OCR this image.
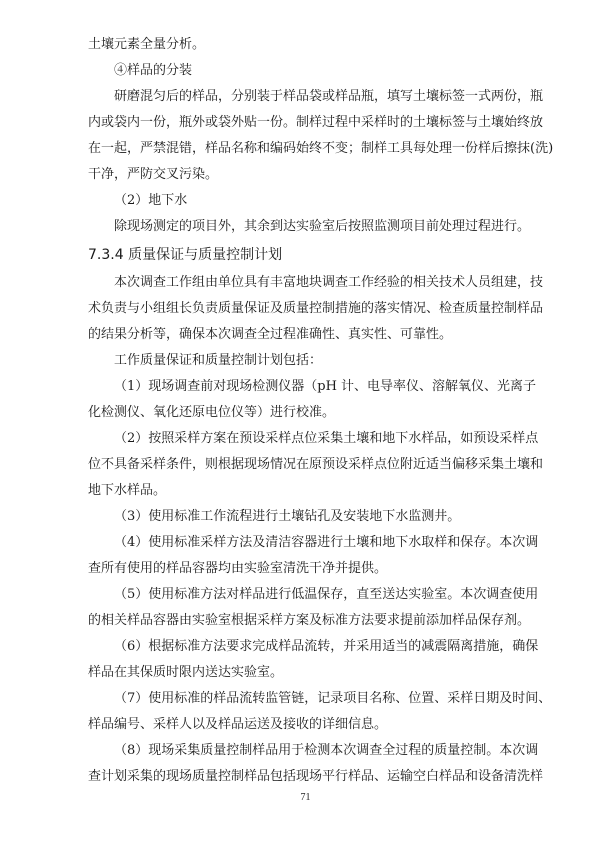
土壤元素全量分析。
④样品的分装
研磨混匀后的样品，分别装于样品袋或样品瓶，填写土壤标签一式两份，瓶
内或袋内一份，瓶外或袋外贴一份。制样过程中采样时的土壤标签与土壤始终放
在一起，严禁混错，样品名称和编码始终不变；制样工具每处理一份样后擦抹(洗)
干净，严防交叉污染。
（2）地下水
除现场测定的项目外，其余到达实验室后按照监测项目前处理过程进行。
7.3.4 质量保证与质量控制计划
本次调查工作组由单位具有丰富地块调查工作经验的相关技术人员组建，技
术负责与小组组长负责质量保证及质量控制措施的落实情况、检查质量控制样品
的结果分析等，确保本次调查全过程准确性、真实性、可靠性。
工作质量保证和质量控制计划包括：
（1）现场调查前对现场检测仪器（pH 计、电导率仪、溶解氧仪、光离子
化检测仪、氧化还原电位仪等）进行校准。
（2）按照采样方案在预设采样点位采集土壤和地下水样品，如预设采样点
位不具备采样条件，则根据现场情况在原预设采样点位附近适当偏移采集土壤和
地下水样品。
（3）使用标准工作流程进行土壤钻孔及安装地下水监测井。
（4）使用标准采样方法及清洁容器进行土壤和地下水取样和保存。本次调
查所有使用的样品容器均由实验室清洗干净并提供。
（5）使用标准方法对样品进行低温保存，直至送达实验室。本次调查使用
的相关样品容器由实验室根据采样方案及标准方法要求提前添加样品保存剂。
（6）根据标准方法要求完成样品流转，并采用适当的减震隔离措施，确保
样品在其保质时限内送达实验室。
（7）使用标准的样品流转监管链，记录项目名称、位置、采样日期及时间、
样品编号、采样人以及样品运送及接收的详细信息。
（8）现场采集质量控制样品用于检测本次调查全过程的质量控制。本次调
查计划采集的现场质量控制样品包括现场平行样品、运输空白样品和设备清洗样
71
